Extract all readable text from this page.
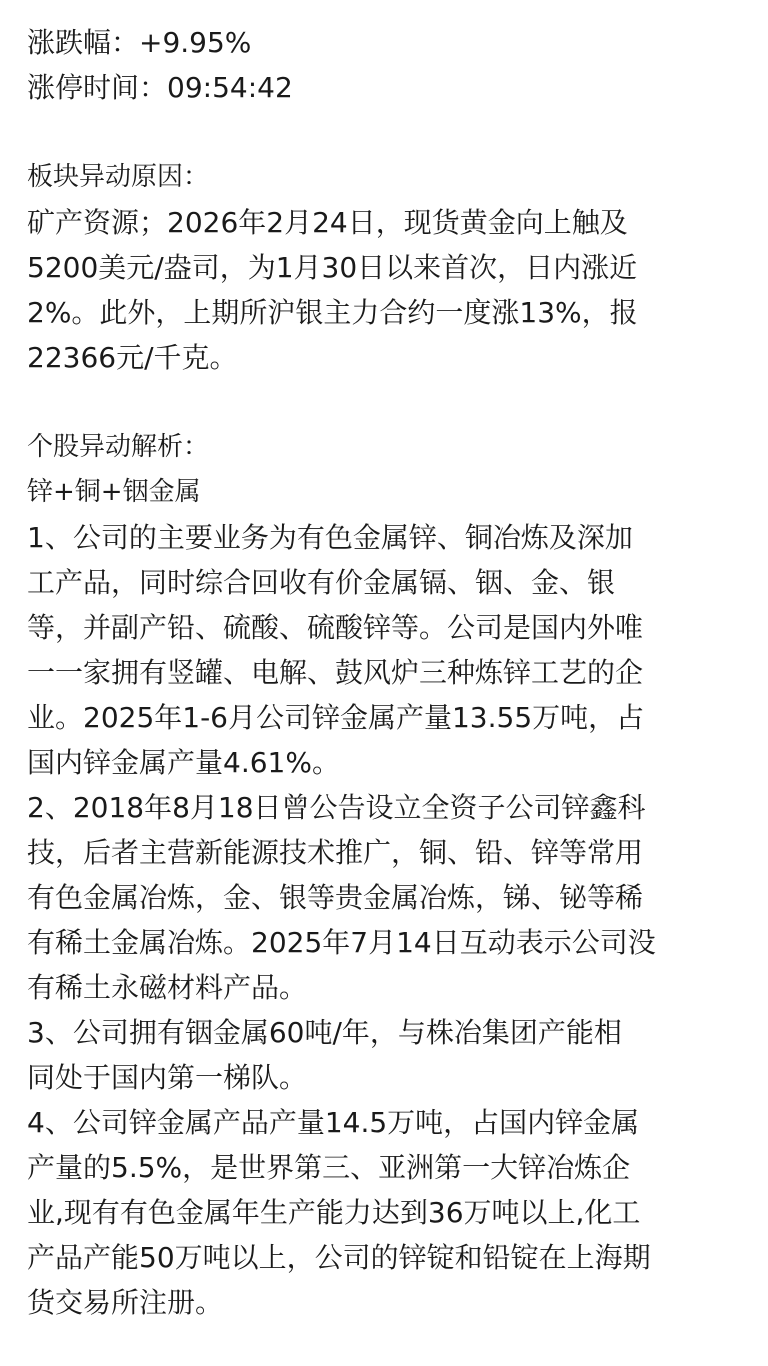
涨跌幅：+9.95%
涨停时间：09:54:42
板块异动原因：
矿产资源；2026年2月24日，现货黄金向上触及
5200美元/盎司，为1月30日以来首次，日内涨近
2%。此外，上期所沪银主力合约一度涨13%，报
22366元/千克。
个股异动解析：
锌+铜+铟金属
1、公司的主要业务为有色金属锌、铜冶炼及深加
工产品，同时综合回收有价金属镉、铟、金、银
等，并副产铅、硫酸、硫酸锌等。公司是国内外唯
一一家拥有竖罐、电解、鼓风炉三种炼锌工艺的企
业。2025年1-6月公司锌金属产量13.55万吨，占
国内锌金属产量4.61%。
2、2018年8月18日曾公告设立全资子公司锌鑫科
技，后者主营新能源技术推广，铜、铅、锌等常用
有色金属冶炼，金、银等贵金属冶炼，锑、铋等稀
有稀土金属冶炼。2025年7月14日互动表示公司没
有稀土永磁材料产品。
3、公司拥有铟金属60吨/年，与株冶集团产能相
同处于国内第一梯队。
4、公司锌金属产品产量14.5万吨，占国内锌金属
产量的5.5%，是世界第三、亚洲第一大锌冶炼企
业,现有有色金属年生产能力达到36万吨以上,化工
产品产能50万吨以上，公司的锌锭和铅锭在上海期
货交易所注册。
